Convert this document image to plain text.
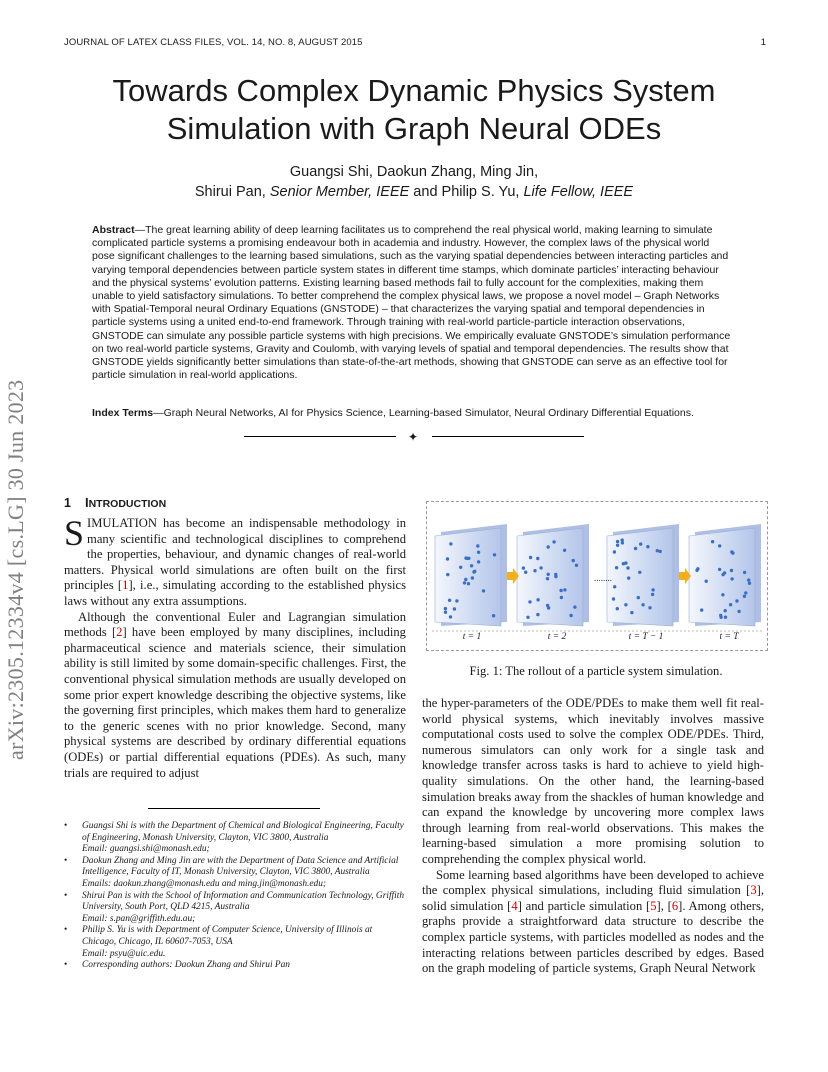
JOURNAL OF LATEX CLASS FILES, VOL. 14, NO. 8, AUGUST 2015	1
Towards Complex Dynamic Physics System Simulation with Graph Neural ODEs
Guangsi Shi, Daokun Zhang, Ming Jin,
Shirui Pan, Senior Member, IEEE and Philip S. Yu, Life Fellow, IEEE
Abstract—The great learning ability of deep learning facilitates us to comprehend the real physical world, making learning to simulate complicated particle systems a promising endeavour both in academia and industry. However, the complex laws of the physical world pose significant challenges to the learning based simulations, such as the varying spatial dependencies between interacting particles and varying temporal dependencies between particle system states in different time stamps, which dominate particles’ interacting behaviour and the physical systems’ evolution patterns. Existing learning based methods fail to fully account for the complexities, making them unable to yield satisfactory simulations. To better comprehend the complex physical laws, we propose a novel model – Graph Networks with Spatial-Temporal neural Ordinary Equations (GNSTODE) – that characterizes the varying spatial and temporal dependencies in particle systems using a united end-to-end framework. Through training with real-world particle-particle interaction observations, GNSTODE can simulate any possible particle systems with high precisions. We empirically evaluate GNSTODE’s simulation performance on two real-world particle systems, Gravity and Coulomb, with varying levels of spatial and temporal dependencies. The results show that GNSTODE yields significantly better simulations than state-of-the-art methods, showing that GNSTODE can serve as an effective tool for particle simulation in real-world applications.
Index Terms—Graph Neural Networks, AI for Physics Science, Learning-based Simulator, Neural Ordinary Differential Equations.
✦
arXiv:2305.12334v4 [cs.LG] 30 Jun 2023	1 INTRODUCTION

SIMULATION has become an indispensable methodology in many scientific and technological disciplines to comprehend the properties, behaviour, and dynamic changes of real-world matters. Physical world simulations are often built on the first principles [1], i.e., simulating according to the established physics laws without any extra assumptions.

Although the conventional Euler and Lagrangian simulation methods [2] have been employed by many disciplines, including pharmaceutical science and materials science, their simulation ability is still limited by some domain-specific challenges. First, the conventional physical simulation methods are usually developed on some prior expert knowledge describing the objective systems, like the governing first principles, which makes them hard to generalize to the generic scenes with no prior knowledge. Second, many physical systems are described by ordinary differential equations (ODEs) or partial differential equations (PDEs). As such, many trials are required to adjust

• Guangsi Shi is with the Department of Chemical and Biological Engineering, Faculty of Engineering, Monash University, Clayton, VIC 3800, Australia
Email: guangsi.shi@monash.edu;
• Daokun Zhang and Ming Jin are with the Department of Data Science and Artificial Intelligence, Faculty of IT, Monash University, Clayton, VIC 3800, Australia
Emails: daokun.zhang@monash.edu and ming.jin@monash.edu;
• Shirui Pan is with the School of Information and Communication Technology, Griffith University, South Port, QLD 4215, Australia
Email: s.pan@griffith.edu.au;
• Philip S. Yu is with Department of Computer Science, University of Illinois at Chicago, Chicago, IL 60607-7053, USA
Email: psyu@uic.edu.
• Corresponding authors: Daokun Zhang and Shirui Pan
........
t = 1	t = 2	t = T − 1	t = T
Fig. 1: The rollout of a particle system simulation.

the hyper-parameters of the ODE/PDEs to make them well fit real-world physical systems, which inevitably involves massive computational costs used to solve the complex ODE/PDEs. Third, numerous simulators can only work for a single task and knowledge transfer across tasks is hard to achieve to yield high-quality simulations. On the other hand, the learning-based simulation breaks away from the shackles of human knowledge and can expand the knowledge by uncovering more complex laws through learning from real-world observations. This makes the learning-based simulation a more promising solution to comprehending the complex physical world.

Some learning based algorithms have been developed to achieve the complex physical simulations, including fluid simulation [3], solid simulation [4] and particle simulation [5], [6]. Among others, graphs provide a straightforward data structure to describe the complex particle systems, with particles modelled as nodes and the interacting relations between particles described by edges. Based on the graph modeling of particle systems, Graph Neural Network
